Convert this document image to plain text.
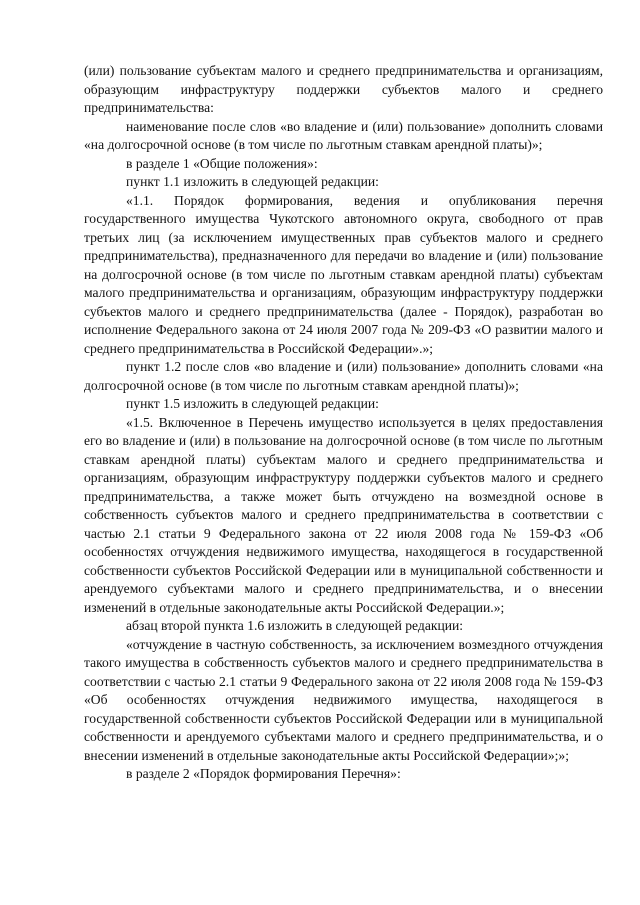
(или) пользование субъектам малого и среднего предпринимательства и организациям, образующим инфраструктуру поддержки субъектов малого и среднего предпринимательства:

наименование после слов «во владение и (или) пользование» дополнить словами «на долгосрочной основе (в том числе по льготным ставкам арендной платы)»;

в разделе 1 «Общие положения»:

пункт 1.1 изложить в следующей редакции:

«1.1. Порядок формирования, ведения и опубликования перечня государственного имущества Чукотского автономного округа, свободного от прав третьих лиц (за исключением имущественных прав субъектов малого и среднего предпринимательства), предназначенного для передачи во владение и (или) пользование на долгосрочной основе (в том числе по льготным ставкам арендной платы) субъектам малого предпринимательства и организациям, образующим инфраструктуру поддержки субъектов малого и среднего предпринимательства (далее - Порядок), разработан во исполнение Федерального закона от 24 июля 2007 года № 209-ФЗ «О развитии малого и среднего предпринимательства в Российской Федерации».»;

пункт 1.2 после слов «во владение и (или) пользование» дополнить словами «на долгосрочной основе (в том числе по льготным ставкам арендной платы)»;

пункт 1.5 изложить в следующей редакции:

«1.5. Включенное в Перечень имущество используется в целях предоставления его во владение и (или) в пользование на долгосрочной основе (в том числе по льготным ставкам арендной платы) субъектам малого и среднего предпринимательства и организациям, образующим инфраструктуру поддержки субъектов малого и среднего предпринимательства, а также может быть отчуждено на возмездной основе в собственность субъектов малого и среднего предпринимательства в соответствии с частью 2.1 статьи 9 Федерального закона от 22 июля 2008 года № 159-ФЗ «Об особенностях отчуждения недвижимого имущества, находящегося в государственной собственности субъектов Российской Федерации или в муниципальной собственности и арендуемого субъектами малого и среднего предпринимательства, и о внесении изменений в отдельные законодательные акты Российской Федерации.»;

абзац второй пункта 1.6 изложить в следующей редакции:

«отчуждение в частную собственность, за исключением возмездного отчуждения такого имущества в собственность субъектов малого и среднего предпринимательства в соответствии с частью 2.1 статьи 9 Федерального закона от 22 июля 2008 года № 159-ФЗ «Об особенностях отчуждения недвижимого имущества, находящегося в государственной собственности субъектов Российской Федерации или в муниципальной собственности и арендуемого субъектами малого и среднего предпринимательства, и о внесении изменений в отдельные законодательные акты Российской Федерации»;»;

в разделе 2 «Порядок формирования Перечня»:
